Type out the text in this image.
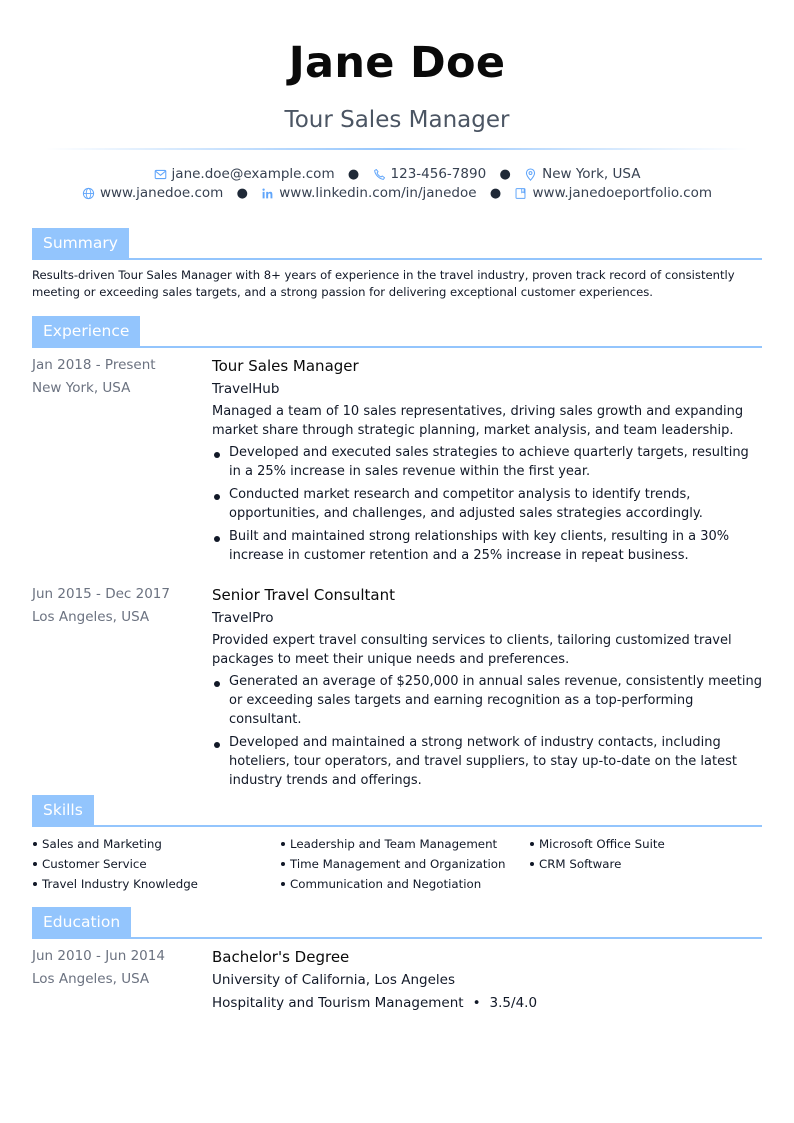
Jane Doe
Tour Sales Manager
jane.doe@example.com ● 123-456-7890 ● New York, USA
www.janedoe.com ● www.linkedin.com/in/janedoe ● www.janedoeportfolio.com
Summary
Results-driven Tour Sales Manager with 8+ years of experience in the travel industry, proven track record of consistently meeting or exceeding sales targets, and a strong passion for delivering exceptional customer experiences.
Experience
Jan 2018 - Present
New York, USA
Tour Sales Manager
TravelHub
Managed a team of 10 sales representatives, driving sales growth and expanding market share through strategic planning, market analysis, and team leadership.
Developed and executed sales strategies to achieve quarterly targets, resulting in a 25% increase in sales revenue within the first year.
Conducted market research and competitor analysis to identify trends, opportunities, and challenges, and adjusted sales strategies accordingly.
Built and maintained strong relationships with key clients, resulting in a 30% increase in customer retention and a 25% increase in repeat business.
Jun 2015 - Dec 2017
Los Angeles, USA
Senior Travel Consultant
TravelPro
Provided expert travel consulting services to clients, tailoring customized travel packages to meet their unique needs and preferences.
Generated an average of $250,000 in annual sales revenue, consistently meeting or exceeding sales targets and earning recognition as a top-performing consultant.
Developed and maintained a strong network of industry contacts, including hoteliers, tour operators, and travel suppliers, to stay up-to-date on the latest industry trends and offerings.
Skills
Sales and Marketing
Customer Service
Travel Industry Knowledge
Leadership and Team Management
Time Management and Organization
Communication and Negotiation
Microsoft Office Suite
CRM Software
Education
Jun 2010 - Jun 2014
Los Angeles, USA
Bachelor's Degree
University of California, Los Angeles
Hospitality and Tourism Management • 3.5/4.0
